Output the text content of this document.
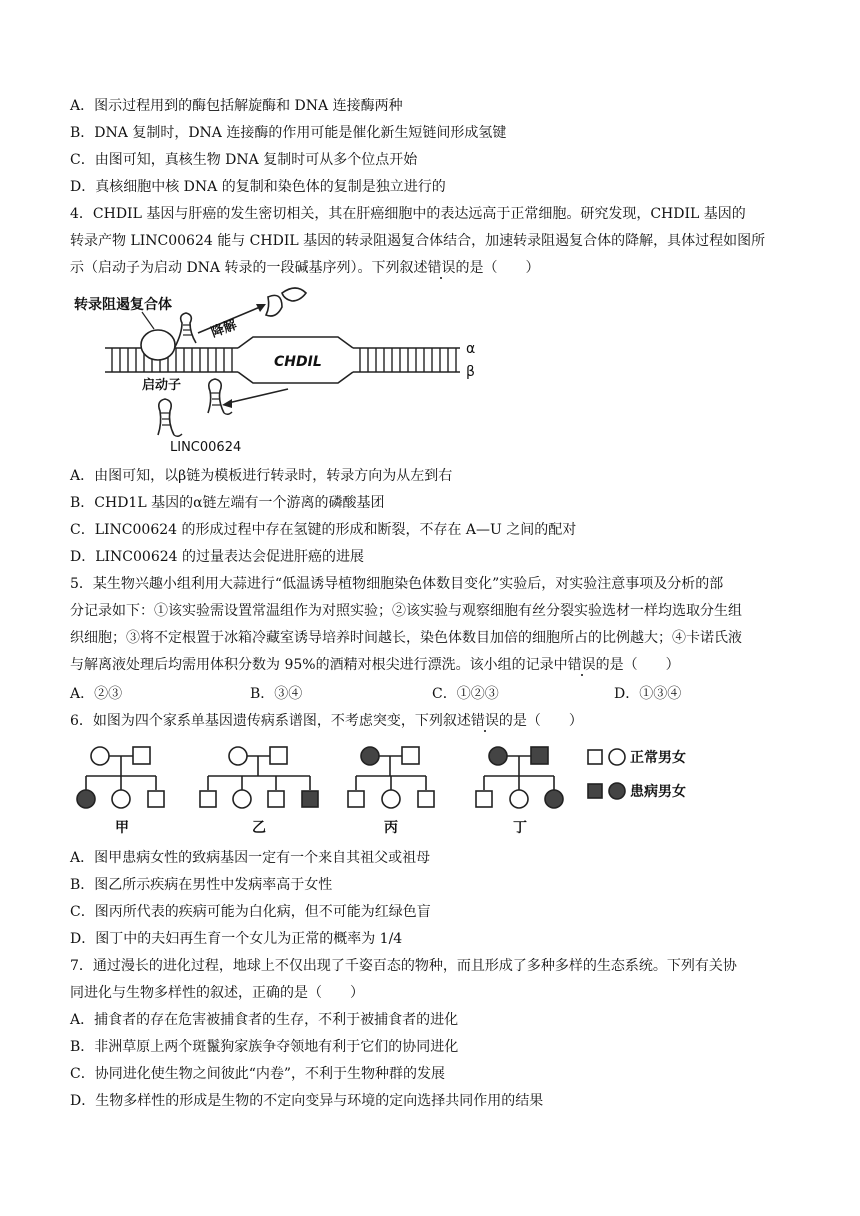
A．图示过程用到的酶包括解旋酶和 DNA 连接酶两种
B．DNA 复制时，DNA 连接酶的作用可能是催化新生短链间形成氢键
C．由图可知，真核生物 DNA 复制时可从多个位点开始
D．真核细胞中核 DNA 的复制和染色体的复制是独立进行的
4．CHDIL 基因与肝癌的发生密切相关，其在肝癌细胞中的表达远高于正常细胞。研究发现，CHDIL 基因的
转录产物 LINC00624 能与 CHDIL 基因的转录阻遏复合体结合，加速转录阻遏复合体的降解，具体过程如图所
示（启动子为启动 DNA 转录的一段碱基序列）。下列叙述错误的是（　　）
转录阻遏复合体
降解
CHDIL
α
β
启动子
LINC00624
A．由图可知，以β链为模板进行转录时，转录方向为从左到右
B．CHD1L 基因的α链左端有一个游离的磷酸基团
C．LINC00624 的形成过程中存在氢键的形成和断裂，不存在 A—U 之间的配对
D．LINC00624 的过量表达会促进肝癌的进展
5．某生物兴趣小组利用大蒜进行“低温诱导植物细胞染色体数目变化”实验后，对实验注意事项及分析的部
分记录如下：①该实验需设置常温组作为对照实验；②该实验与观察细胞有丝分裂实验选材一样均选取分生组
织细胞；③将不定根置于冰箱冷藏室诱导培养时间越长，染色体数目加倍的细胞所占的比例越大；④卡诺氏液
与解离液处理后均需用体积分数为 95%的酒精对根尖进行漂洗。该小组的记录中错误的是（　　）
A．②③	B．③④	C．①②③	D．①③④
6．如图为四个家系单基因遗传病系谱图，不考虑突变，下列叙述错误的是（　　）
正常男女
患病男女
甲	乙	丙	丁
A．图甲患病女性的致病基因一定有一个来自其祖父或祖母
B．图乙所示疾病在男性中发病率高于女性
C．图丙所代表的疾病可能为白化病，但不可能为红绿色盲
D．图丁中的夫妇再生育一个女儿为正常的概率为 1/4
7．通过漫长的进化过程，地球上不仅出现了千姿百态的物种，而且形成了多种多样的生态系统。下列有关协
同进化与生物多样性的叙述，正确的是（　　）
A．捕食者的存在危害被捕食者的生存，不利于被捕食者的进化
B．非洲草原上两个斑鬣狗家族争夺领地有利于它们的协同进化
C．协同进化使生物之间彼此“内卷”，不利于生物种群的发展
D．生物多样性的形成是生物的不定向变异与环境的定向选择共同作用的结果
